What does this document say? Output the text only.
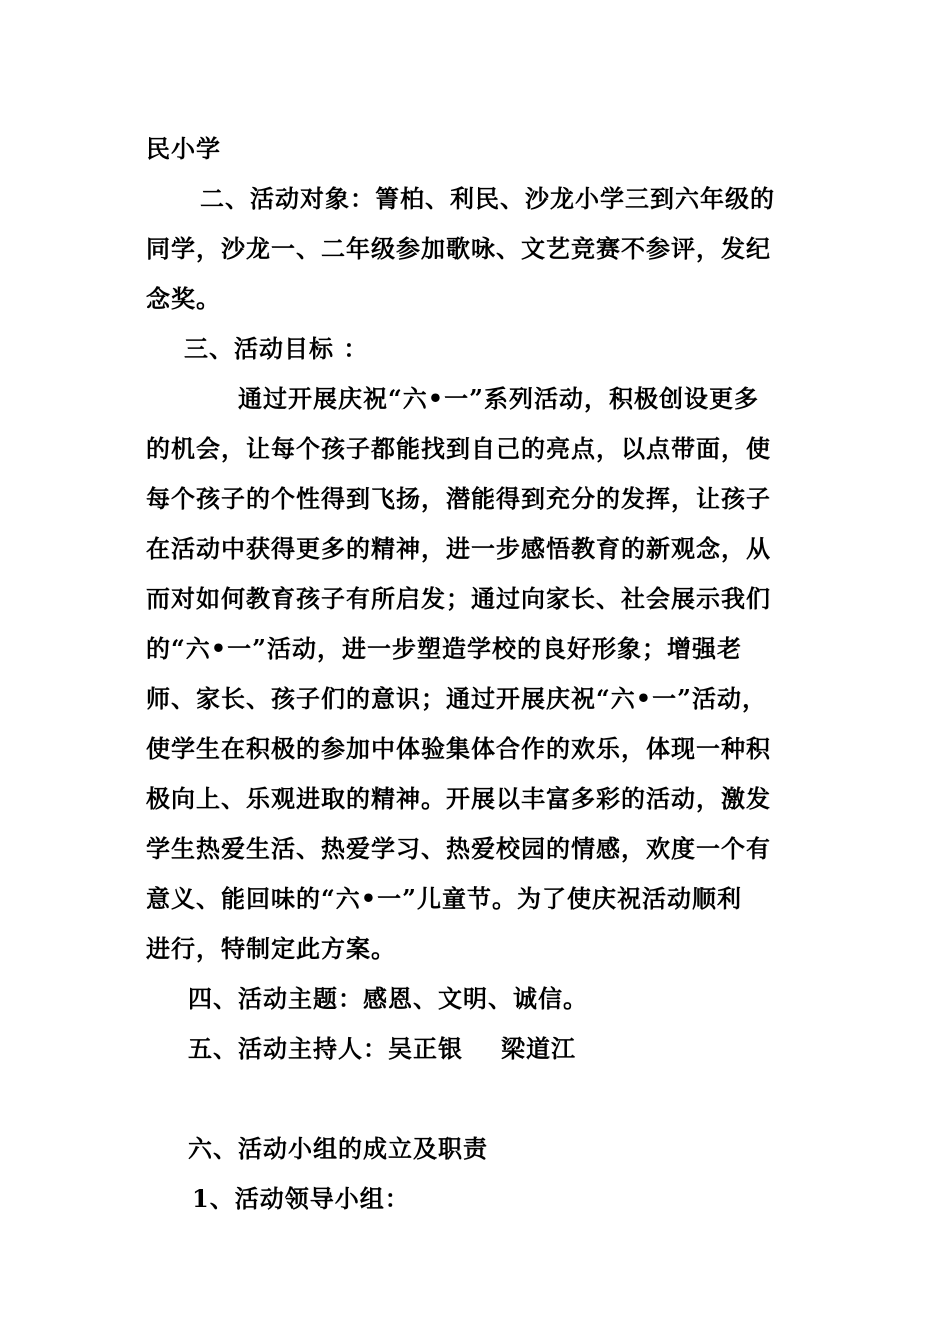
民小学
二、活动对象：箐柏、利民、沙龙小学三到六年级的
同学，沙龙一、二年级参加歌咏、文艺竞赛不参评，发纪
念奖。
三、活动目标 ：
通过开展庆祝“六•一”系列活动，积极创设更多
的机会，让每个孩子都能找到自己的亮点，以点带面，使
每个孩子的个性得到飞扬，潜能得到充分的发挥，让孩子
在活动中获得更多的精神，进一步感悟教育的新观念，从
而对如何教育孩子有所启发；通过向家长、社会展示我们
的“六•一”活动，进一步塑造学校的良好形象；增强老
师、家长、孩子们的意识；通过开展庆祝“六•一”活动，
使学生在积极的参加中体验集体合作的欢乐，体现一种积
极向上、乐观进取的精神。开展以丰富多彩的活动，激发
学生热爱生活、热爱学习、热爱校园的情感，欢度一个有
意义、能回味的“六•一”儿童节。为了使庆祝活动顺利
进行，特制定此方案。
四、活动主题：感恩、文明、诚信。
五、活动主持人：吴正银 梁道江
六、活动小组的成立及职责
1、活动领导小组：
